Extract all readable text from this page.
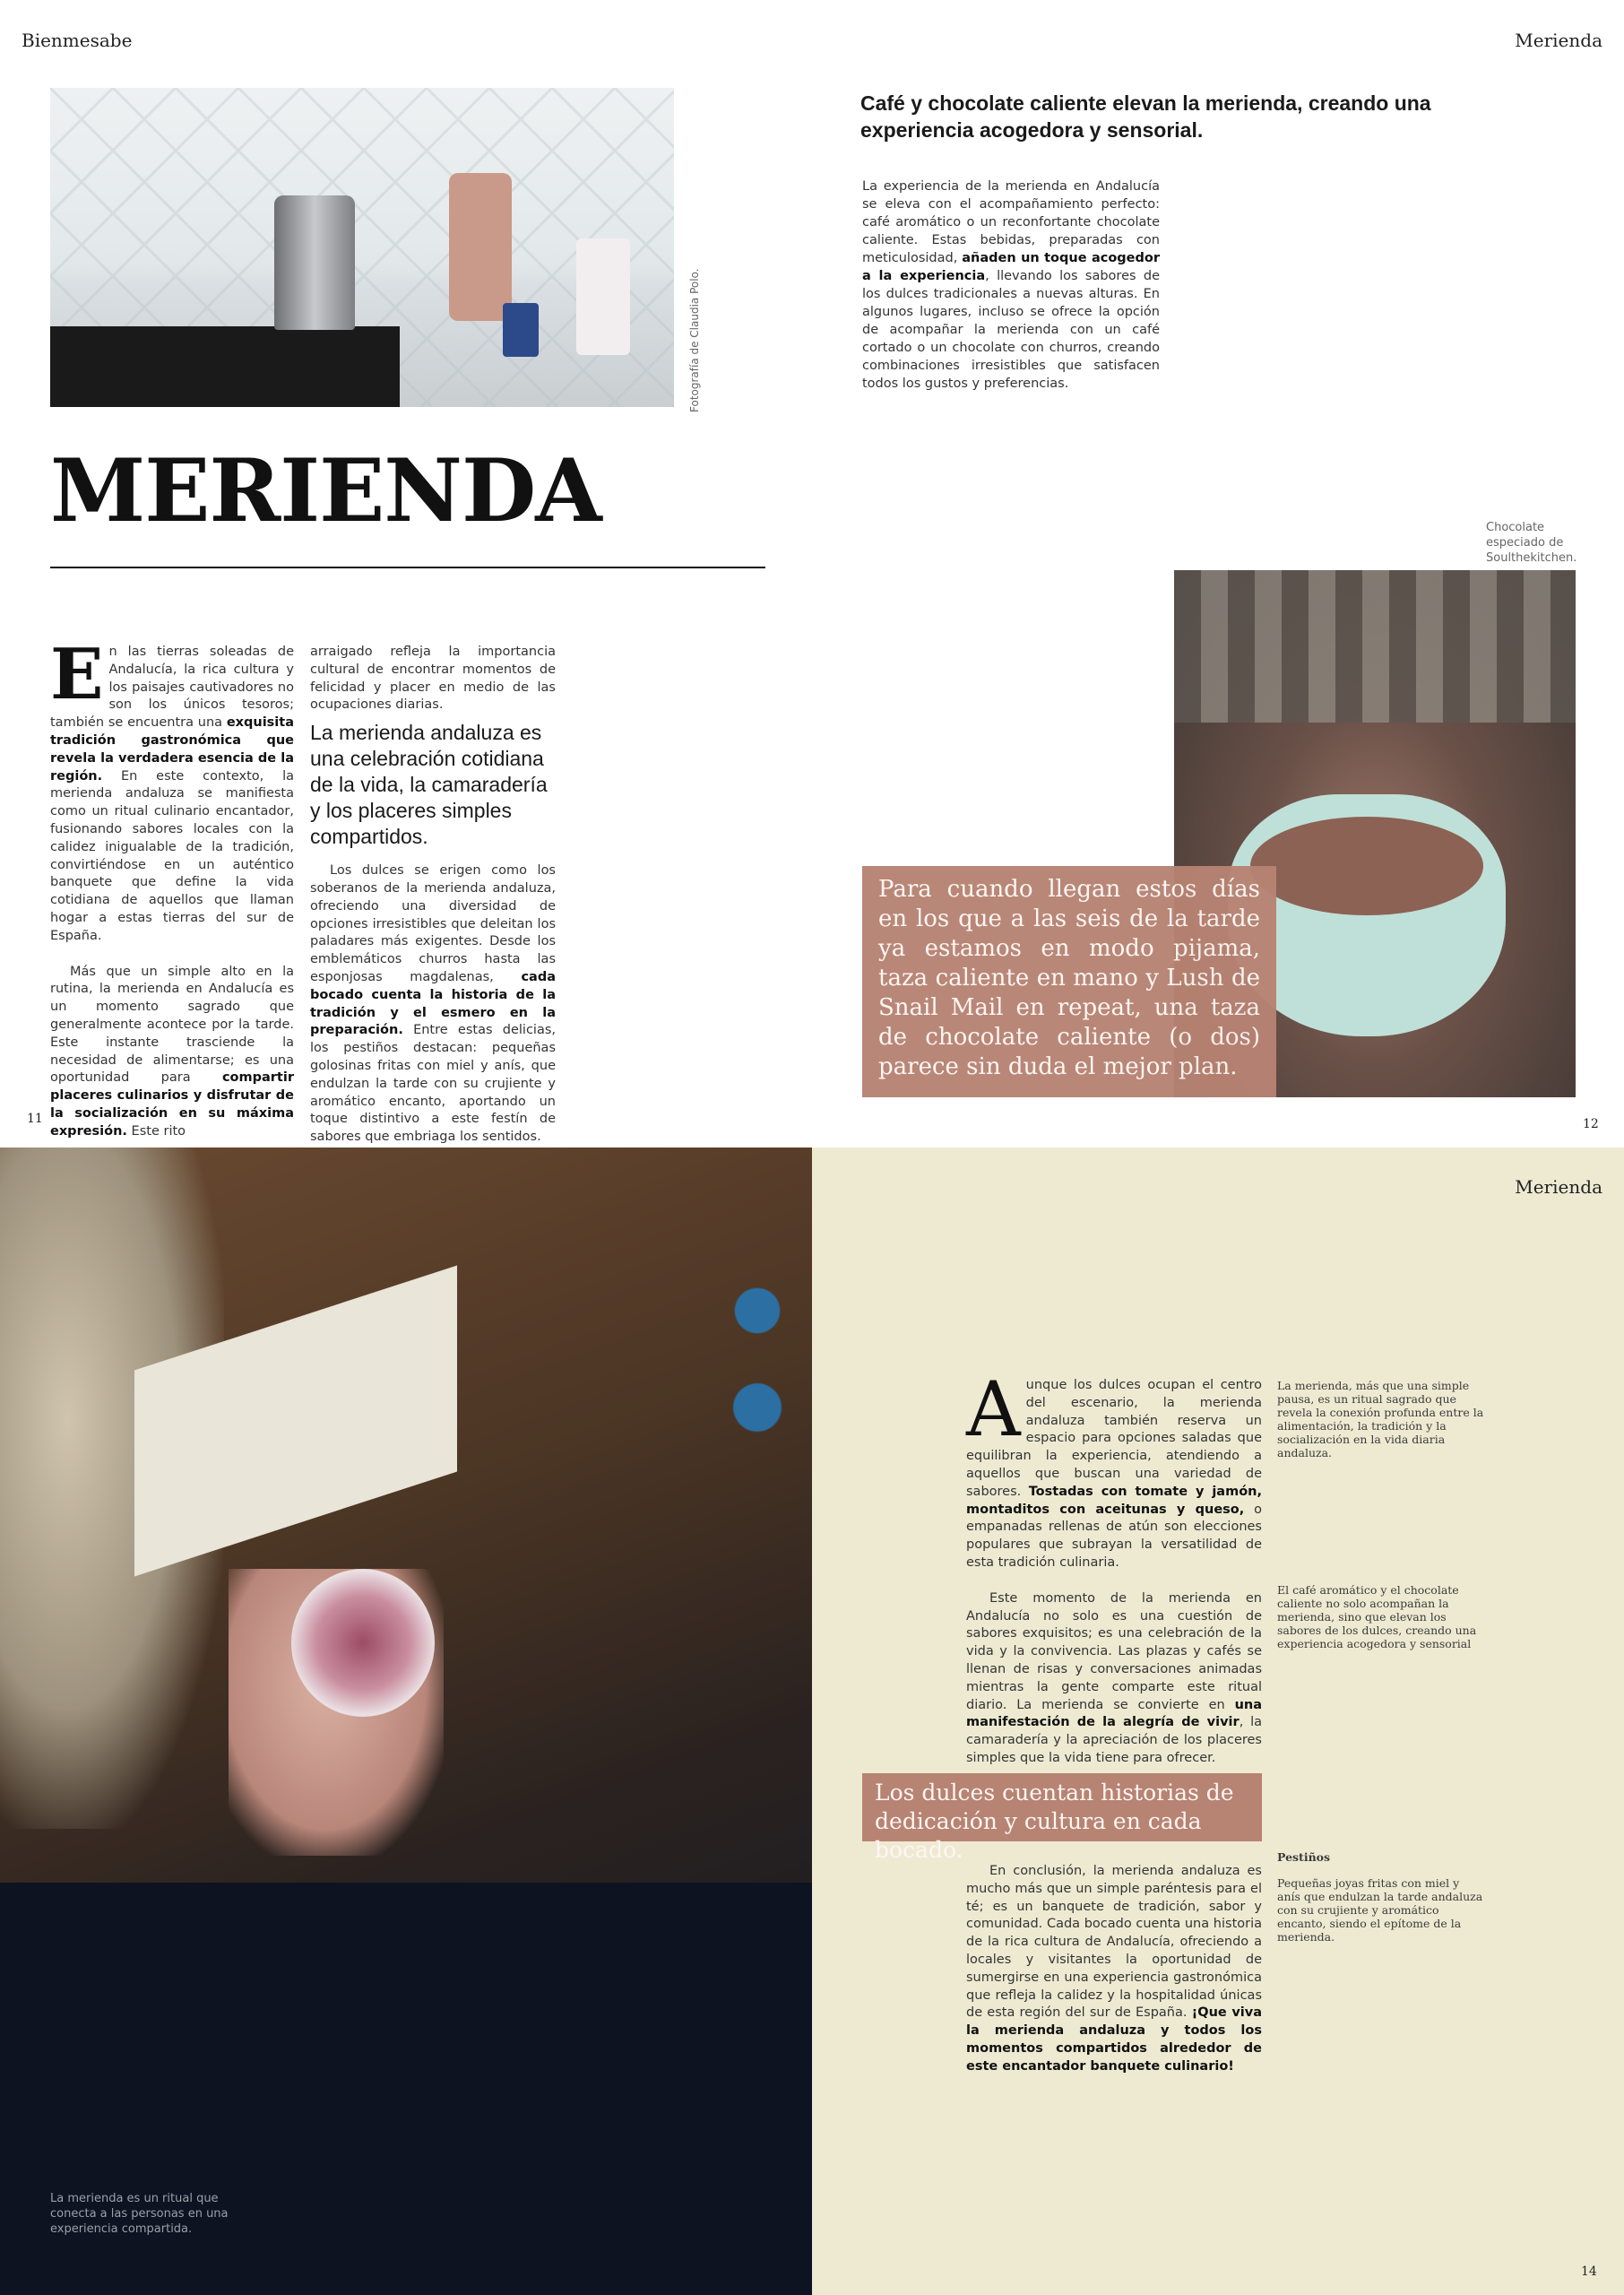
Bienmesabe	Merienda
Fotografía de Claudia Polo.
Café y chocolate caliente elevan la merienda, creando una experiencia acogedora y sensorial.
La experiencia de la merienda en Andalucía se eleva con el acompañamiento perfecto: café aromático o un reconfortante chocolate caliente. Estas bebidas, preparadas con meticulosidad, añaden un toque acogedor a la experiencia, llevando los sabores de los dulces tradicionales a nuevas alturas. En algunos lugares, incluso se ofrece la opción de acompañar la merienda con un café cortado o un chocolate con churros, creando combinaciones irresistibles que satisfacen todos los gustos y preferencias.
MERIENDA	Chocolate especiado de Soulthekitchen.

En las tierras soleadas de Andalucía, la rica cultura y los paisajes cautivadores no son los únicos tesoros; también se encuentra una exquisita tradición gastronómica que revela la verdadera esencia de la región. En este contexto, la merienda andaluza se manifiesta como un ritual culinario encantador, fusionando sabores locales con la calidez inigualable de la tradición, convirtiéndose en un auténtico banquete que define la vida cotidiana de aquellos que llaman hogar a estas tierras del sur de España.

Más que un simple alto en la rutina, la merienda en Andalucía es un momento sagrado que generalmente acontece por la tarde. Este instante trasciende la necesidad de alimentarse; es una oportunidad para compartir placeres culinarios y disfrutar de la socialización en su máxima expresión. Este rito

arraigado refleja la importancia cultural de encontrar momentos de felicidad y placer en medio de las ocupaciones diarias.

La merienda andaluza es una celebración cotidiana de la vida, la camaradería y los placeres simples compartidos.

Los dulces se erigen como los soberanos de la merienda andaluza, ofreciendo una diversidad de opciones irresistibles que deleitan los paladares más exigentes. Desde los emblemáticos churros hasta las esponjosas magdalenas, cada bocado cuenta la historia de la tradición y el esmero en la preparación. Entre estas delicias, los pestiños destacan: pequeñas golosinas fritas con miel y anís, que endulzan la tarde con su crujiente y aromático encanto, aportando un toque distintivo a este festín de sabores que embriaga los sentidos.

Para cuando llegan estos días en los que a las seis de la tarde ya estamos en modo pijama, taza caliente en mano y Lush de Snail Mail en repeat, una taza de chocolate caliente (o dos) parece sin duda el mejor plan.
11	12
La merienda es un ritual que conecta a las personas en una experiencia compartida.
Merienda

Aunque los dulces ocupan el centro del escenario, la merienda andaluza también reserva un espacio para opciones saladas que equilibran la experiencia, atendiendo a aquellos que buscan una variedad de sabores. Tostadas con tomate y jamón, montaditos con aceitunas y queso, o empanadas rellenas de atún son elecciones populares que subrayan la versatilidad de esta tradición culinaria.

Este momento de la merienda en Andalucía no solo es una cuestión de sabores exquisitos; es una celebración de la vida y la convivencia. Las plazas y cafés se llenan de risas y conversaciones animadas mientras la gente comparte este ritual diario. La merienda se convierte en una manifestación de la alegría de vivir, la camaradería y la apreciación de los placeres simples que la vida tiene para ofrecer.

Los dulces cuentan historias de dedicación y cultura en cada bocado.

En conclusión, la merienda andaluza es mucho más que un simple paréntesis para el té; es un banquete de tradición, sabor y comunidad. Cada bocado cuenta una historia de la rica cultura de Andalucía, ofreciendo a locales y visitantes la oportunidad de sumergirse en una experiencia gastronómica que refleja la calidez y la hospitalidad únicas de esta región del sur de España. ¡Que viva la merienda andaluza y todos los momentos compartidos alrededor de este encantador banquete culinario!

La merienda, más que una simple pausa, es un ritual sagrado que revela la conexión profunda entre la alimentación, la tradición y la socialización en la vida diaria andaluza.
El café aromático y el chocolate caliente no solo acompañan la merienda, sino que elevan los sabores de los dulces, creando una experiencia acogedora y sensorial
Pestiños
Pequeñas joyas fritas con miel y anís que endulzan la tarde andaluza con su crujiente y aromático encanto, siendo el epítome de la merienda.
14
